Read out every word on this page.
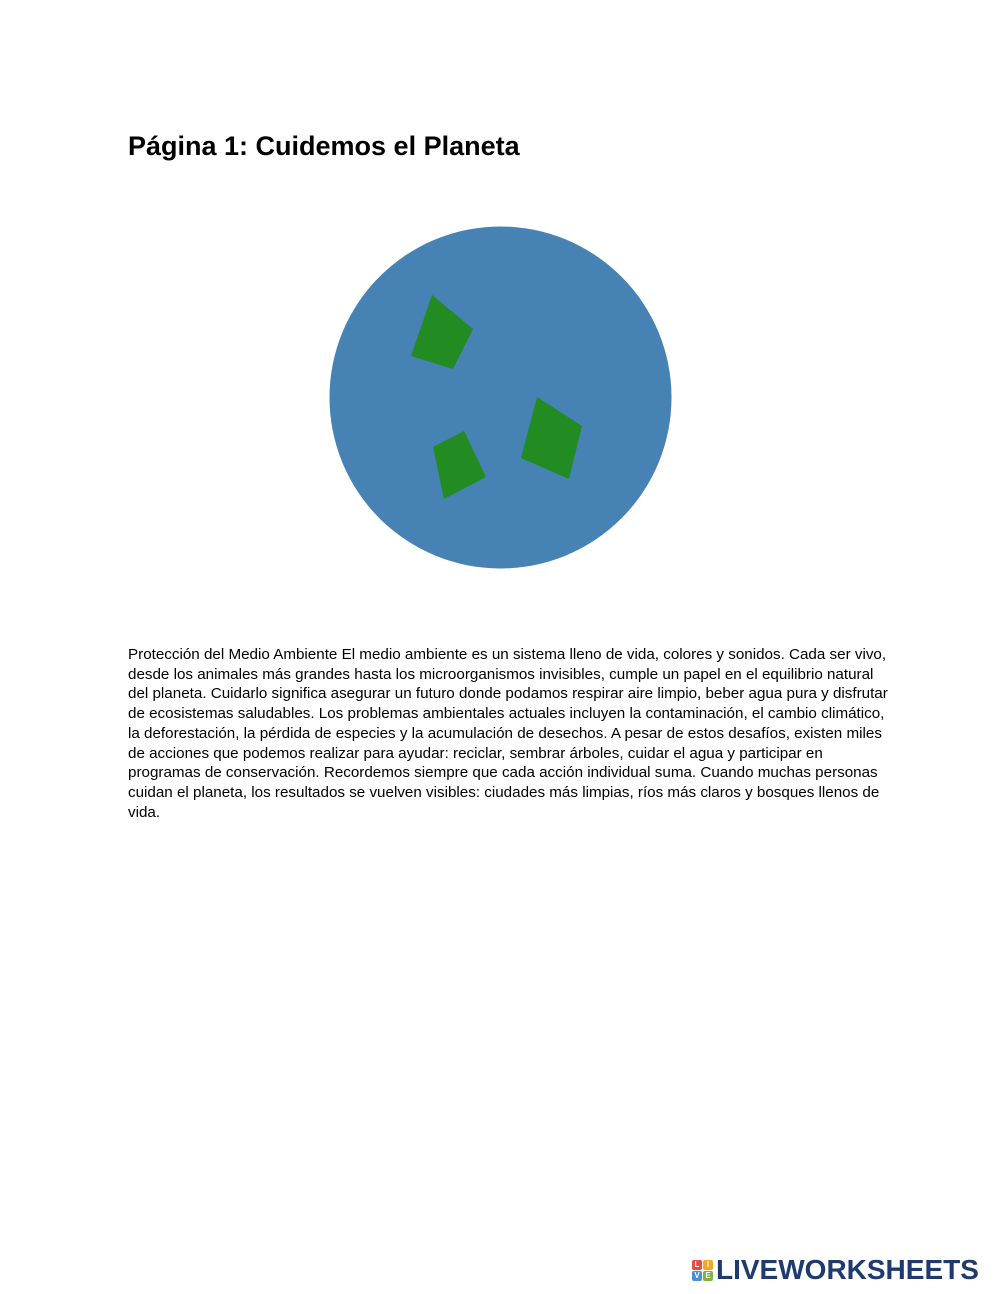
Página 1: Cuidemos el Planeta

Protección del Medio Ambiente El medio ambiente es un sistema lleno de vida, colores y sonidos. Cada ser vivo, desde los animales más grandes hasta los microorganismos invisibles, cumple un papel en el equilibrio natural del planeta. Cuidarlo significa asegurar un futuro donde podamos respirar aire limpio, beber agua pura y disfrutar de ecosistemas saludables. Los problemas ambientales actuales incluyen la contaminación, el cambio climático, la deforestación, la pérdida de especies y la acumulación de desechos. A pesar de estos desafíos, existen miles de acciones que podemos realizar para ayudar: reciclar, sembrar árboles, cuidar el agua y participar en programas de conservación. Recordemos siempre que cada acción individual suma. Cuando muchas personas cuidan el planeta, los resultados se vuelven visibles: ciudades más limpias, ríos más claros y bosques llenos de vida.

L I
V E LIVEWORKSHEETS
